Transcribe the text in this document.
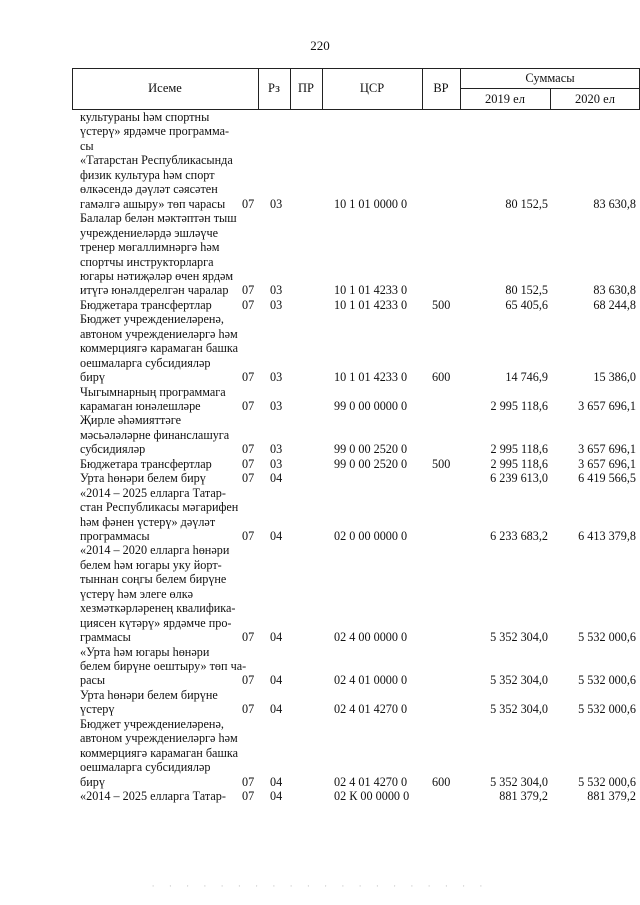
220
Исеме	Рз	ПР	ЦСР	ВР
Суммасы
2019 ел	2020 ел
культураны һәм спортны
үстерү» ярдәмче программа-
сы
«Татарстан Республикасында
физик культура һәм спорт
өлкәсендә дәүләт сәясәтен
гамәлгә ашыру» төп чарасы	07	03	10 1 01 0000 0	80 152,5	83 630,8
Балалар белән мәктәптән тыш
учреждениеләрдә эшләүче
тренер мөгаллимнәргә һәм
спортчы инструкторларга
югары нәтиҗәләр өчен ярдәм
итүгә юнәлдерелгән чаралар	07	03	10 1 01 4233 0	80 152,5	83 630,8
Бюджетара трансфертлар	07	03	10 1 01 4233 0	500	65 405,6	68 244,8
Бюджет учреждениеләренә,
автоном учреждениеләргә һәм
коммерциягә карамаган башка
оешмаларга субсидияләр
бирү	07	03	10 1 01 4233 0	600	14 746,9	15 386,0
Чыгымнарның программага
карамаган юнәлешләре	07	03	99 0 00 0000 0	2 995 118,6	3 657 696,1
Җирле әһәмияттәге
мәсьәләләрне финанслашуга
субсидияләр	07	03	99 0 00 2520 0	2 995 118,6	3 657 696,1
Бюджетара трансфертлар	07	03	99 0 00 2520 0	500	2 995 118,6	3 657 696,1
Урта һөнәри белем бирү	07	04	6 239 613,0	6 419 566,5
«2014 – 2025 елларга Татар-
стан Республикасы мәгарифен
һәм фәнен үстерү» дәүләт
программасы	07	04	02 0 00 0000 0	6 233 683,2	6 413 379,8
«2014 – 2020 елларга һөнәри
белем һәм югары уку йорт-
тыннан соңгы белем бирүне
үстерү һәм элеге өлкә
хезмәткәрләренең квалифика-
циясен күтәрү» ярдәмче про-
граммасы	07	04	02 4 00 0000 0	5 352 304,0	5 532 000,6
«Урта һәм югары һөнәри
белем бирүне оештыру» төп ча-
расы	07	04	02 4 01 0000 0	5 352 304,0	5 532 000,6
Урта һөнәри белем бирүне
үстерү	07	04	02 4 01 4270 0	5 352 304,0	5 532 000,6
Бюджет учреждениеләренә,
автоном учреждениеләргә һәм
коммерциягә карамаган башка
оешмаларга субсидияләр
бирү	07	04	02 4 01 4270 0	600	5 352 304,0	5 532 000,6
«2014 – 2025 елларга Татар-	07	04	02 К 00 0000 0	881 379,2	881 379,2
· · · · · · · · · · · · · · · · · · · ·
